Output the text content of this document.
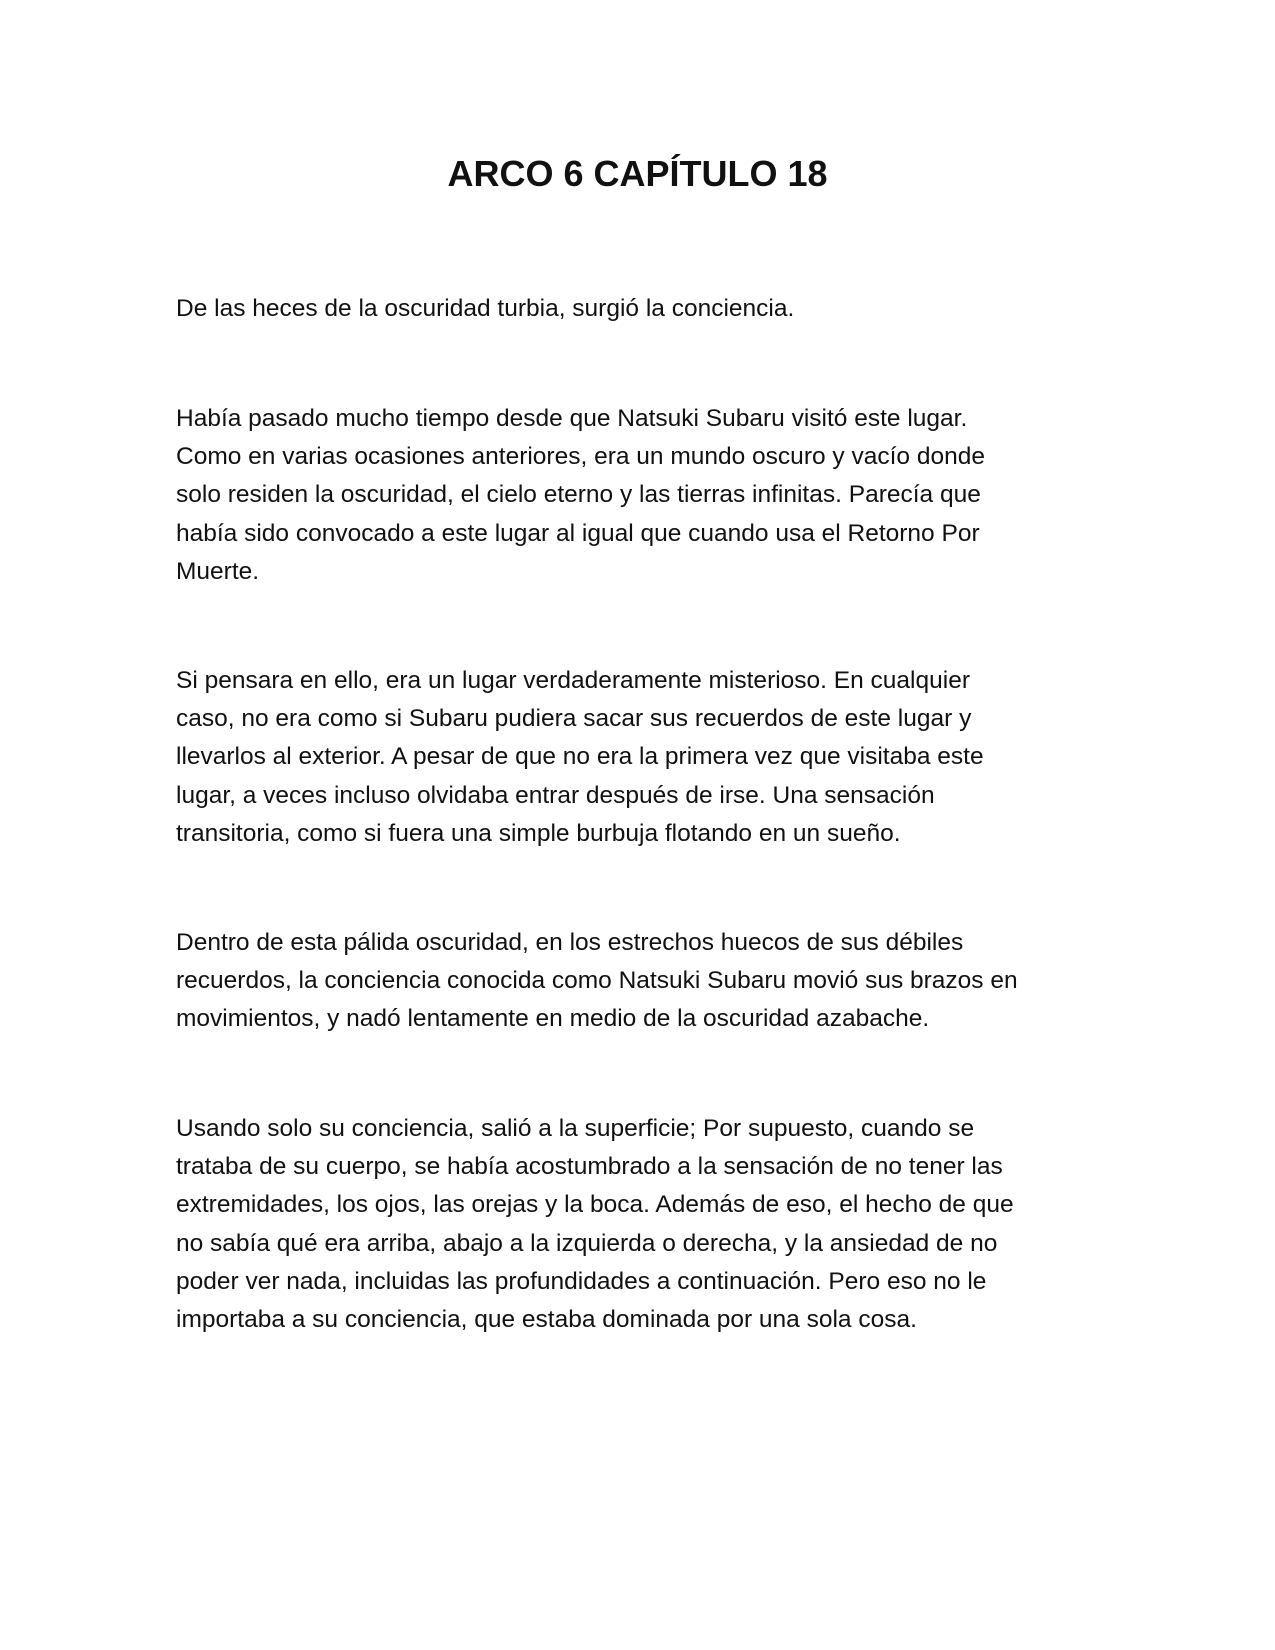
ARCO 6 CAPÍTULO 18

De las heces de la oscuridad turbia, surgió la conciencia.

Había pasado mucho tiempo desde que Natsuki Subaru visitó este lugar.
Como en varias ocasiones anteriores, era un mundo oscuro y vacío donde
solo residen la oscuridad, el cielo eterno y las tierras infinitas. Parecía que
había sido convocado a este lugar al igual que cuando usa el Retorno Por
Muerte.

Si pensara en ello, era un lugar verdaderamente misterioso. En cualquier
caso, no era como si Subaru pudiera sacar sus recuerdos de este lugar y
llevarlos al exterior. A pesar de que no era la primera vez que visitaba este
lugar, a veces incluso olvidaba entrar después de irse. Una sensación
transitoria, como si fuera una simple burbuja flotando en un sueño.

Dentro de esta pálida oscuridad, en los estrechos huecos de sus débiles
recuerdos, la conciencia conocida como Natsuki Subaru movió sus brazos en
movimientos, y nadó lentamente en medio de la oscuridad azabache.

Usando solo su conciencia, salió a la superficie; Por supuesto, cuando se
trataba de su cuerpo, se había acostumbrado a la sensación de no tener las
extremidades, los ojos, las orejas y la boca. Además de eso, el hecho de que
no sabía qué era arriba, abajo a la izquierda o derecha, y la ansiedad de no
poder ver nada, incluidas las profundidades a continuación. Pero eso no le
importaba a su conciencia, que estaba dominada por una sola cosa.
